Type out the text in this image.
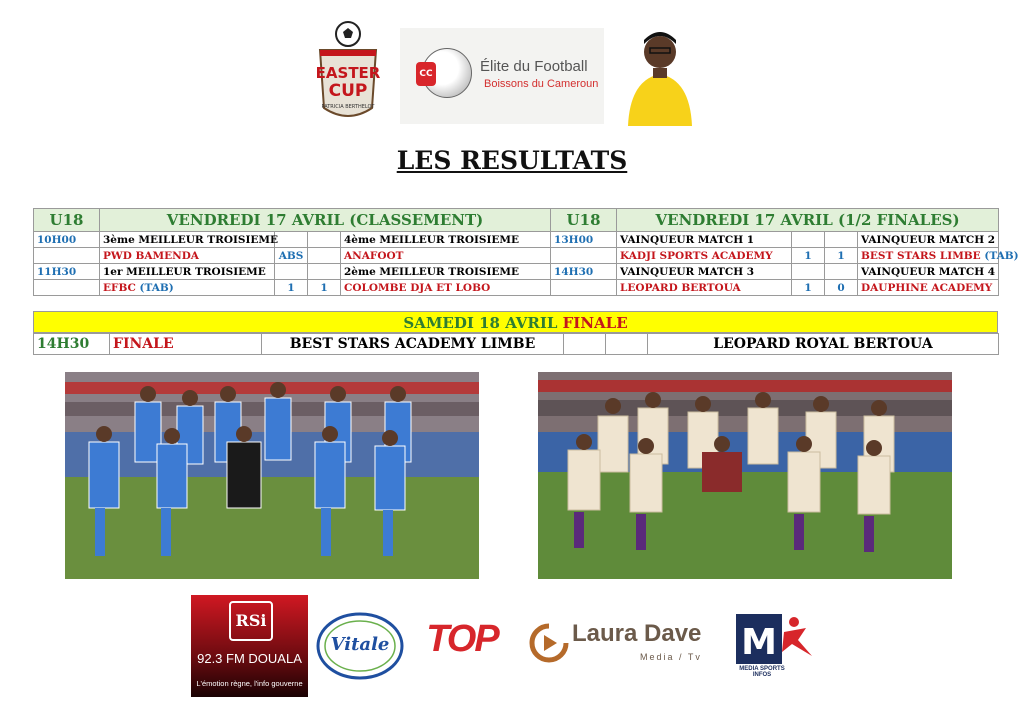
EASTER
CUP
PATRICIA BERTHELOT
CC	Élite du Football
Boissons du Cameroun
LES RESULTATS
U18	VENDREDI 17 AVRIL (CLASSEMENT)				U18	VENDREDI 17 AVRIL (1/2 FINALES)			
10H00	3ème MEILLEUR TROISIEME			4ème MEILLEUR TROISIEME	13H00	VAINQUEUR MATCH 1			VAINQUEUR MATCH 2
	PWD BAMENDA	ABS		ANAFOOT		KADJI SPORTS ACADEMY	1	1	BEST STARS LIMBE (TAB)
11H30	1er MEILLEUR TROISIEME			2ème MEILLEUR TROISIEME	14H30	VAINQUEUR MATCH 3			VAINQUEUR MATCH 4
	EFBC (TAB)	1	1	COLOMBE DJA ET LOBO		LEOPARD BERTOUA	1	0	DAUPHINE ACADEMY
SAMEDI 18 AVRIL FINALE
14H30	FINALE	BEST STARS ACADEMY LIMBE			LEOPARD ROYAL BERTOUA
RSi
92.3 FM DOUALA
L'émotion règne, l'info gouverne
Vitale TOP	Laura Dave
Media / Tv M
MEDIA SPORTS INFOS
